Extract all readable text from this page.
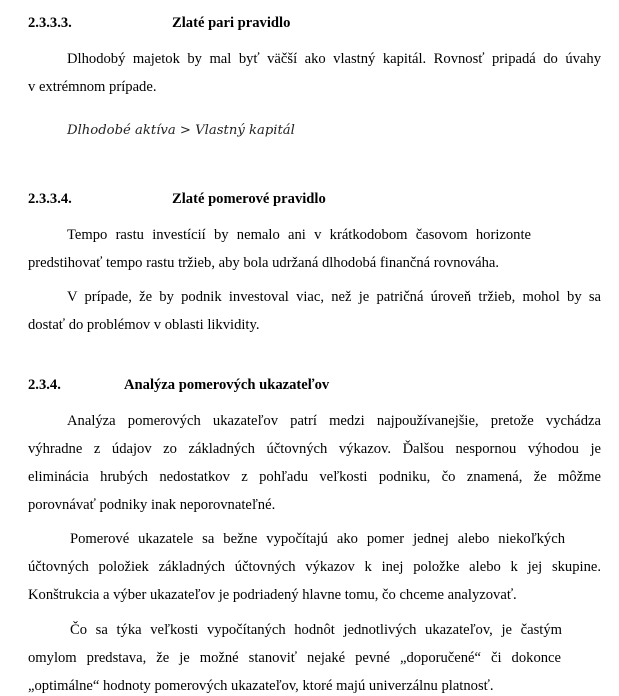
2.3.3.3.	Zlaté pari pravidlo
Dlhodobý majetok by mal byť väčší ako vlastný kapitál. Rovnosť pripadá do úvahy
v extrémnom prípade.
Dlhodobé aktíva > Vlastný kapitál
2.3.3.4.	Zlaté pomerové pravidlo
Tempo rastu investícií by nemalo ani v krátkodobom časovom horizonte
predstihovať tempo rastu tržieb, aby bola udržaná dlhodobá finančná rovnováha.
V prípade, že by podnik investoval viac, než je patričná úroveň tržieb, mohol by sa
dostať do problémov v oblasti likvidity.
2.3.4.	Analýza pomerových ukazateľov
Analýza pomerových ukazateľov patrí medzi najpoužívanejšie, pretože vychádza
výhradne z údajov zo základných účtovných výkazov. Ďalšou nespornou výhodou je
eliminácia hrubých nedostatkov z pohľadu veľkosti podniku, čo znamená, že môžme
porovnávať podniky inak neporovnateľné.
Pomerové ukazatele sa bežne vypočítajú ako pomer jednej alebo niekoľkých
účtovných položiek základných účtovných výkazov k inej položke alebo k jej skupine.
Konštrukcia a výber ukazateľov je podriadený hlavne tomu, čo chceme analyzovať.
Čo sa týka veľkosti vypočítaných hodnôt jednotlivých ukazateľov, je častým
omylom predstava, že je možné stanoviť nejaké pevné „doporučené“ či dokonce
„optimálne“ hodnoty pomerových ukazateľov, ktoré majú univerzálnu platnosť.
